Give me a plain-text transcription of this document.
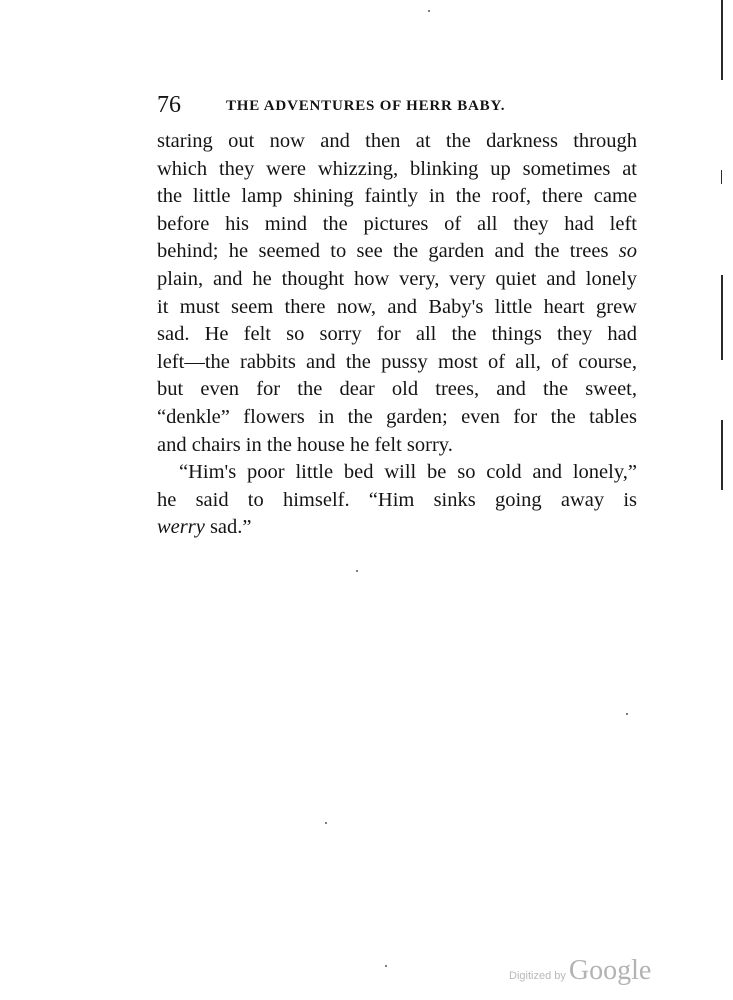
76	THE ADVENTURES OF HERR BABY.
staring out now and then at the darkness through
which they were whizzing, blinking up sometimes at
the little lamp shining faintly in the roof, there came
before his mind the pictures of all they had left
behind; he seemed to see the garden and the trees so
plain, and he thought how very, very quiet and lonely
it must seem there now, and Baby's little heart grew
sad. He felt so sorry for all the things they had
left—the rabbits and the pussy most of all, of course,
but even for the dear old trees, and the sweet,
“denkle” flowers in the garden; even for the tables
and chairs in the house he felt sorry.
“Him's poor little bed will be so cold and lonely,”
he said to himself. “Him sinks going away is
werry sad.”
Digitized by Google
